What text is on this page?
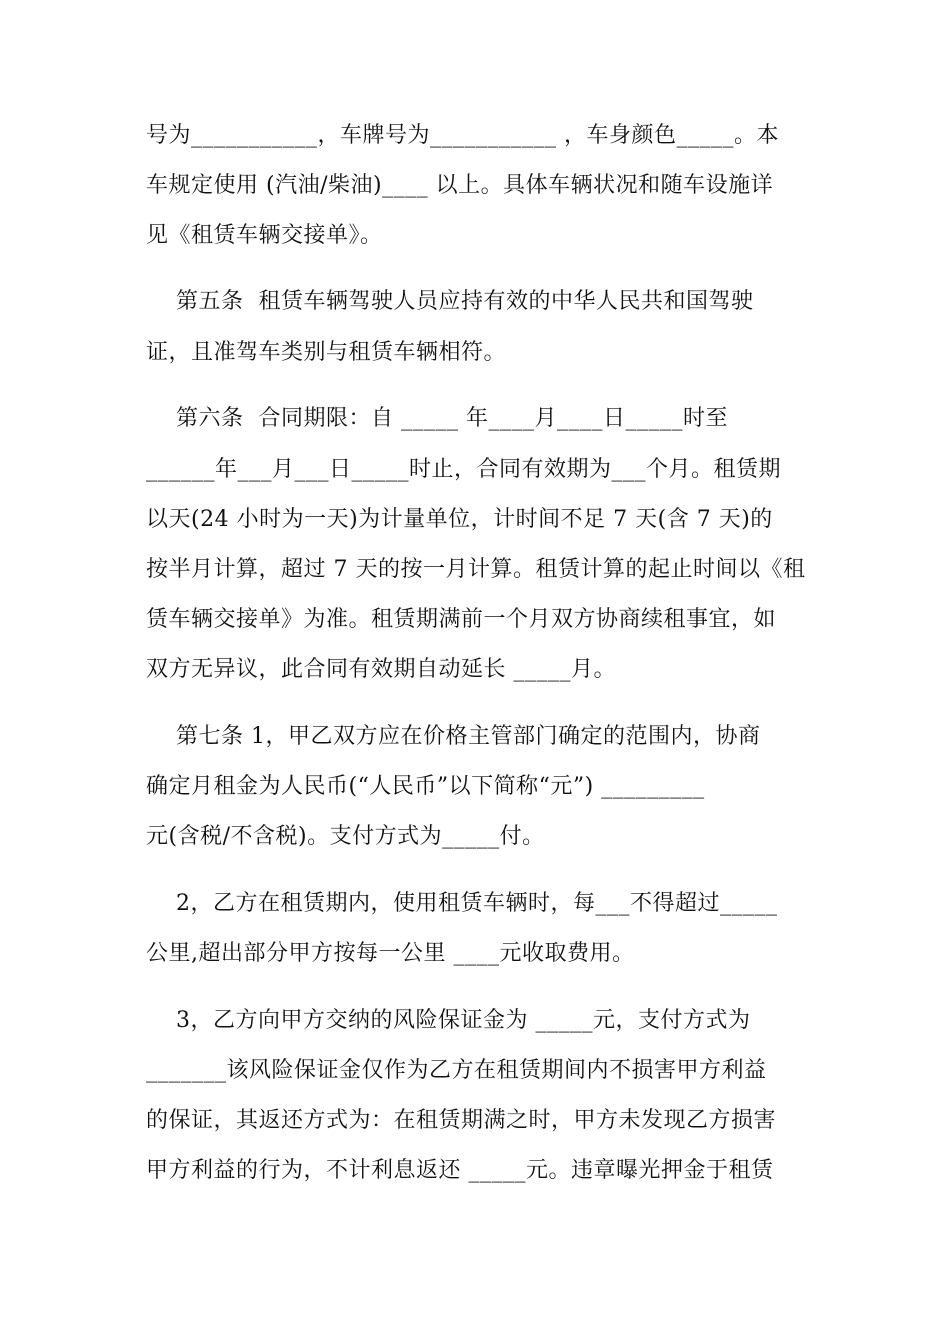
号为___________，车牌号为___________ ，车身颜色_____。本
车规定使用 (汽油/柴油)____ 以上。具体车辆状况和随车设施详
见《租赁车辆交接单》。
第五条  租赁车辆驾驶人员应持有效的中华人民共和国驾驶
证，且准驾车类别与租赁车辆相符。
第六条  合同期限：自 _____ 年____月____日_____时至
______年___月___日_____时止，合同有效期为___个月。租赁期
以天(24 小时为一天)为计量单位，计时间不足 7 天(含 7 天)的
按半月计算，超过 7 天的按一月计算。租赁计算的起止时间以《租
赁车辆交接单》为准。租赁期满前一个月双方协商续租事宜，如
双方无异议，此合同有效期自动延长 _____月。
第七条 1，甲乙双方应在价格主管部门确定的范围内，协商
确定月租金为人民币(“人民币”以下简称“元”) _________
元(含税/不含税)。支付方式为_____付。
2，乙方在租赁期内，使用租赁车辆时，每___不得超过_____
公里,超出部分甲方按每一公里 ____元收取费用。
3，乙方向甲方交纳的风险保证金为 _____元，支付方式为
_______该风险保证金仅作为乙方在租赁期间内不损害甲方利益
的保证，其返还方式为：在租赁期满之时，甲方未发现乙方损害
甲方利益的行为，不计利息返还 _____元。违章曝光押金于租赁
